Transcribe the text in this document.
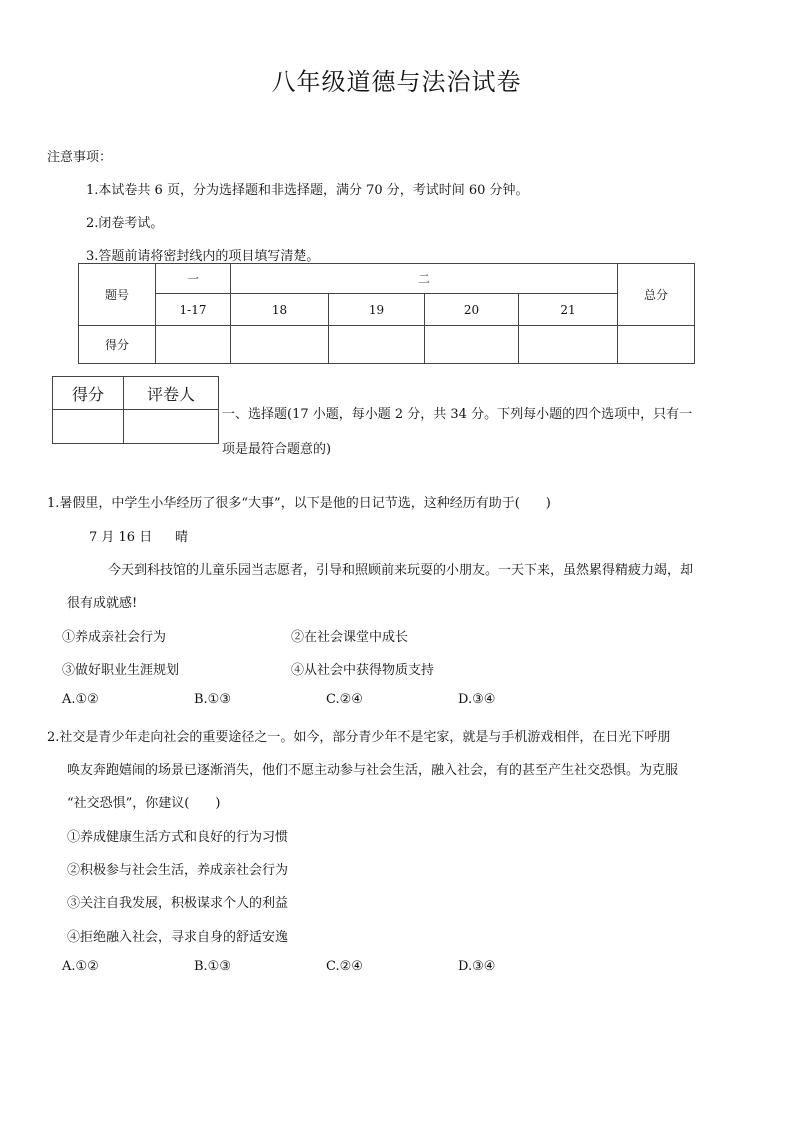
八年级道德与法治试卷
注意事项：
1.本试卷共 6 页，分为选择题和非选择题，满分 70 分，考试时间 60 分钟。
2.闭卷考试。
3.答题前请将密封线内的项目填写清楚。
题号	一	二				总分
	1-17	18	19	20	21	
得分						
得分	评卷人

一、选择题(17 小题，每小题 2 分，共 34 分。下列每小题的四个选项中，只有一
项是最符合题意的)
1.暑假里，中学生小华经历了很多“大事”，以下是他的日记节选，这种经历有助于(　　)
7 月 16 日 晴
今天到科技馆的儿童乐园当志愿者，引导和照顾前来玩耍的小朋友。一天下来，虽然累得精疲力竭，却
很有成就感!
①养成亲社会行为	②在社会课堂中成长
③做好职业生涯规划	④从社会中获得物质支持
A.①②	B.①③	C.②④	D.③④
2.社交是青少年走向社会的重要途径之一。如今，部分青少年不是宅家，就是与手机游戏相伴，在日光下呼朋
唤友奔跑嬉闹的场景已逐渐消失，他们不愿主动参与社会生活，融入社会，有的甚至产生社交恐惧。为克服
“社交恐惧”，你建议(　　)
①养成健康生活方式和良好的行为习惯
②积极参与社会生活，养成亲社会行为
③关注自我发展，积极谋求个人的利益
④拒绝融入社会，寻求自身的舒适安逸
A.①②	B.①③	C.②④	D.③④
